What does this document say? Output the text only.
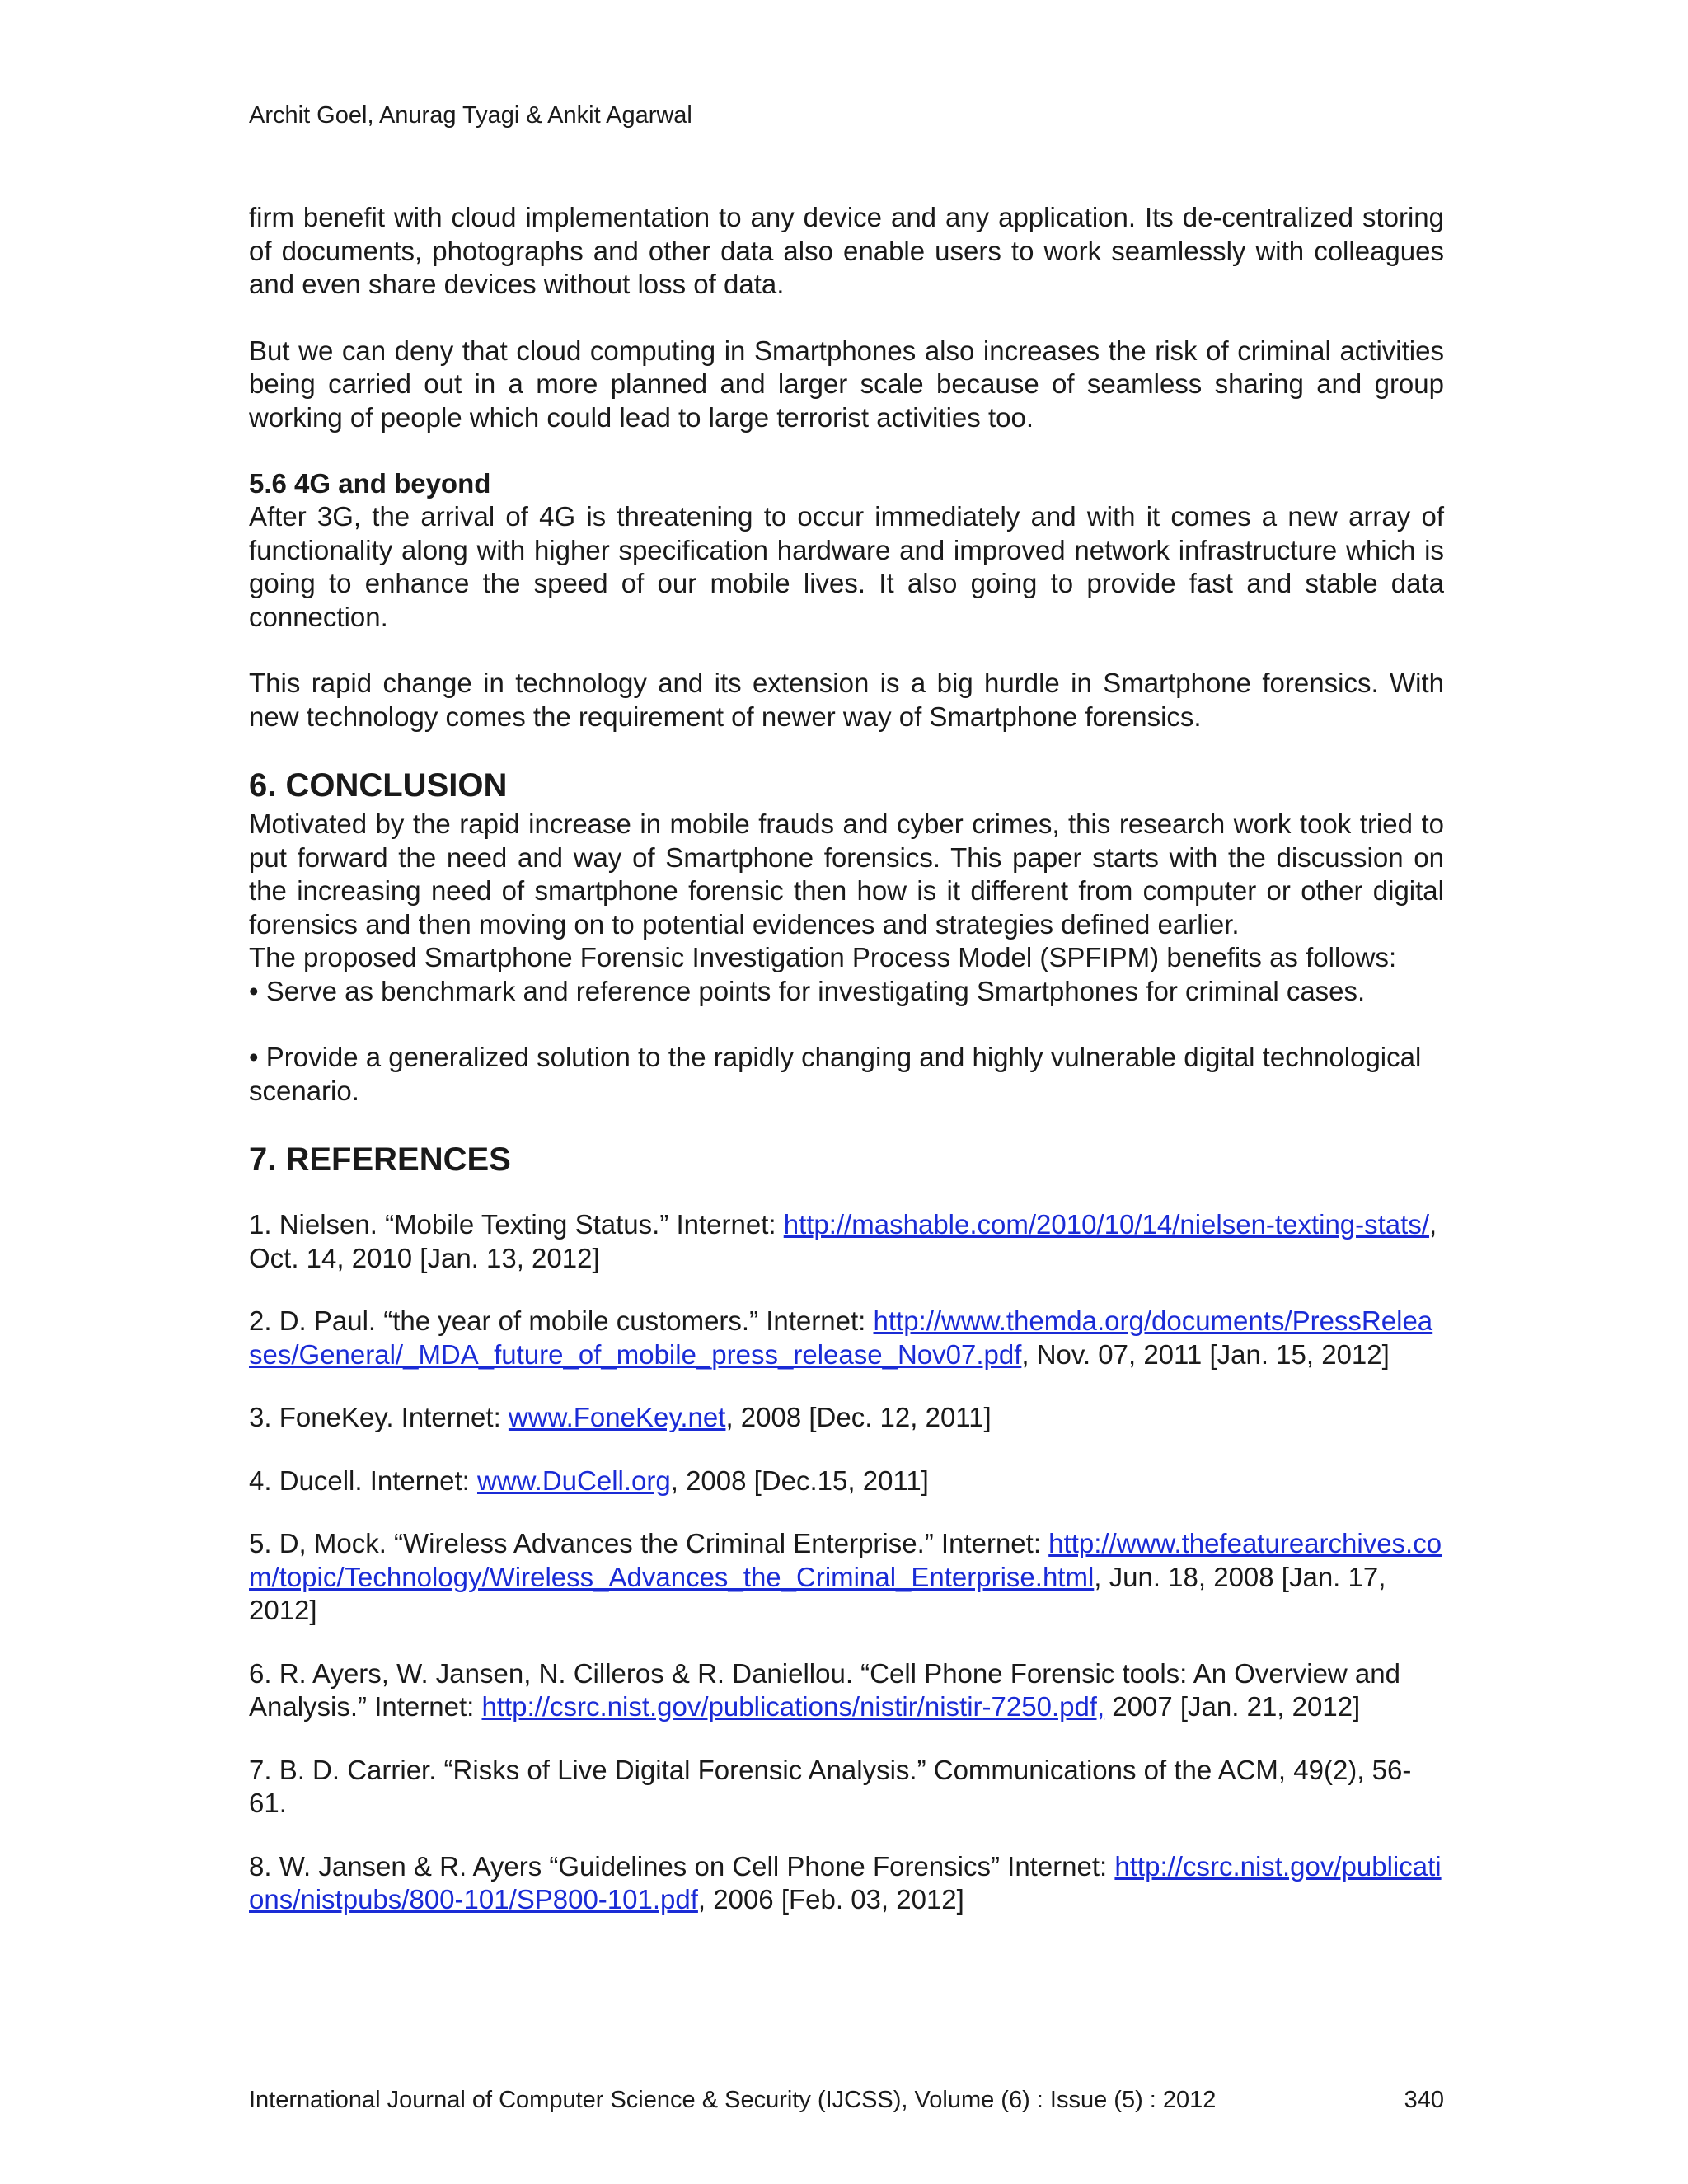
Archit Goel, Anurag Tyagi & Ankit Agarwal

firm benefit with cloud implementation to any device and any application. Its de-centralized storing of documents, photographs and other data also enable users to work seamlessly with colleagues and even share devices without loss of data.

But we can deny that cloud computing in Smartphones also increases the risk of criminal activities being carried out in a more planned and larger scale because of seamless sharing and group working of people which could lead to large terrorist activities too.

5.6 4G and beyond

After 3G, the arrival of 4G is threatening to occur immediately and with it comes a new array of functionality along with higher specification hardware and improved network infrastructure which is going to enhance the speed of our mobile lives. It also going to provide fast and stable data connection.

This rapid change in technology and its extension is a big hurdle in Smartphone forensics. With new technology comes the requirement of newer way of Smartphone forensics.

6. CONCLUSION

Motivated by the rapid increase in mobile frauds and cyber crimes, this research work took tried to put forward the need and way of Smartphone forensics. This paper starts with the discussion on the increasing need of smartphone forensic then how is it different from computer or other digital forensics and then moving on to potential evidences and strategies defined earlier.

The proposed Smartphone Forensic Investigation Process Model (SPFIPM) benefits as follows:

• Serve as benchmark and reference points for investigating Smartphones for criminal cases.

• Provide a generalized solution to the rapidly changing and highly vulnerable digital technological scenario.

7. REFERENCES

1. Nielsen. “Mobile Texting Status.” Internet: http://mashable.com/2010/10/14/nielsen-texting-stats/, Oct. 14, 2010 [Jan. 13, 2012]

2. D. Paul. “the year of mobile customers.” Internet: http://www.themda.org/documents/PressReleases/General/_MDA_future_of_mobile_press_release_Nov07.pdf, Nov. 07, 2011 [Jan. 15, 2012]

3. FoneKey. Internet: www.FoneKey.net, 2008 [Dec. 12, 2011]

4. Ducell. Internet: www.DuCell.org, 2008 [Dec.15, 2011]

5. D, Mock. “Wireless Advances the Criminal Enterprise.” Internet: http://www.thefeaturearchives.com/topic/Technology/Wireless_Advances_the_Criminal_Enterprise.html, Jun. 18, 2008 [Jan. 17, 2012]

6. R. Ayers, W. Jansen, N. Cilleros & R. Daniellou. “Cell Phone Forensic tools: An Overview and Analysis.” Internet: http://csrc.nist.gov/publications/nistir/nistir-7250.pdf, 2007 [Jan. 21, 2012]

7. B. D. Carrier. “Risks of Live Digital Forensic Analysis.” Communications of the ACM, 49(2), 56-61.

8. W. Jansen & R. Ayers “Guidelines on Cell Phone Forensics” Internet: http://csrc.nist.gov/publications/nistpubs/800-101/SP800-101.pdf, 2006 [Feb. 03, 2012]

International Journal of Computer Science & Security (IJCSS), Volume (6) : Issue (5) : 2012	340
